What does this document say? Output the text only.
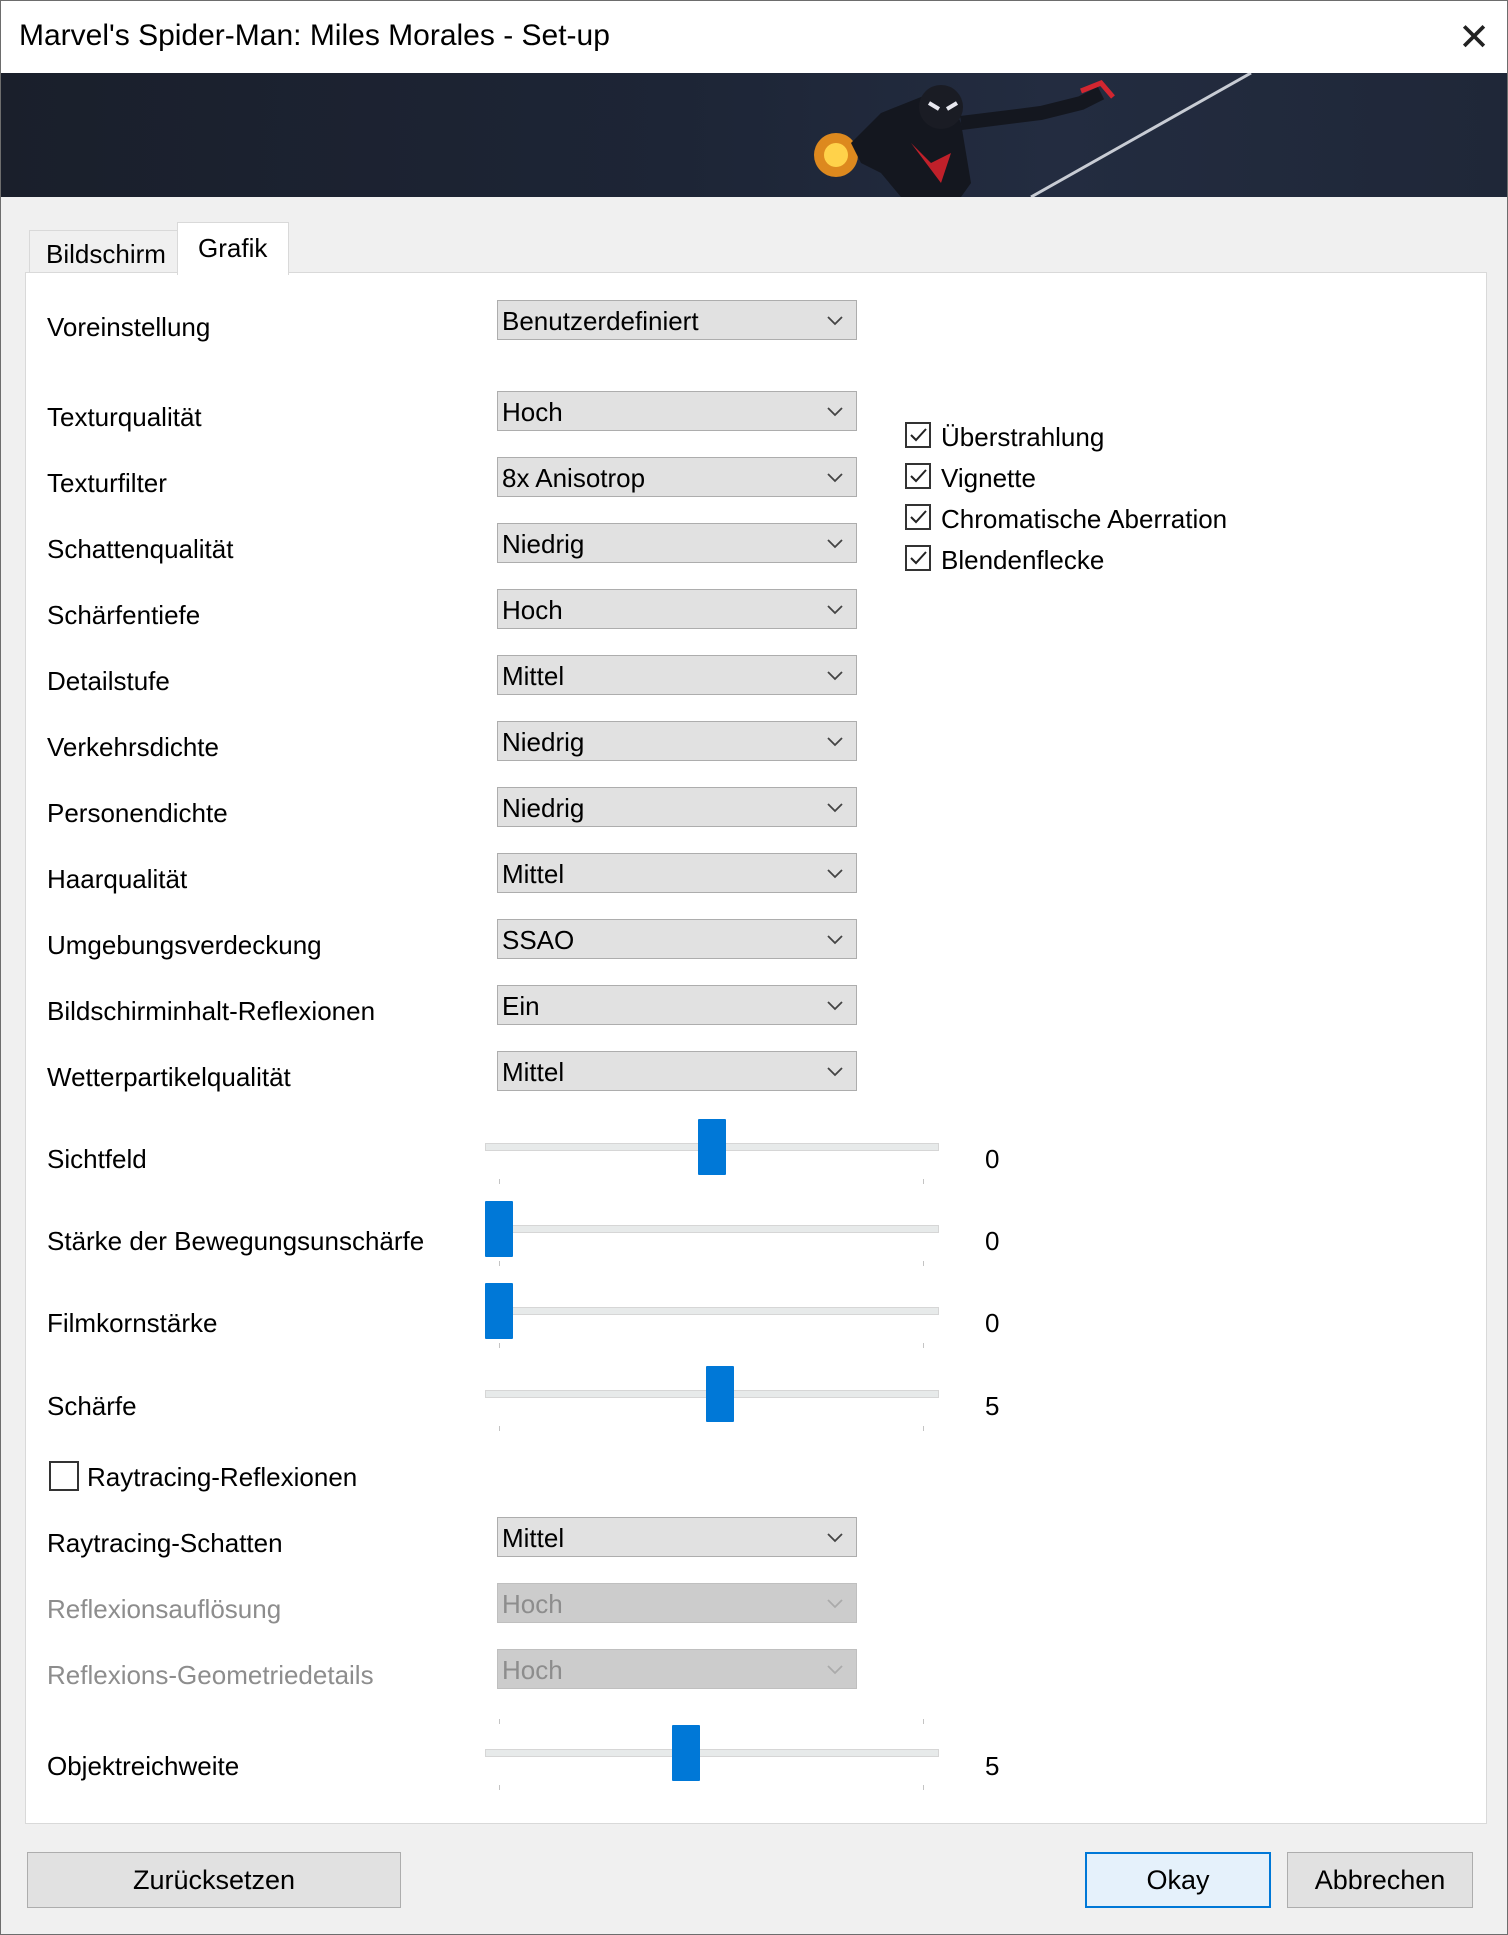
Marvel's Spider-Man: Miles Morales - Set-up	✕
Bildschirm Grafik
Voreinstellung	Benutzerdefiniert
Texturqualität	Hoch
Texturfilter	8x Anisotrop
Schattenqualität	Niedrig
Schärfentiefe	Hoch
Detailstufe	Mittel
Verkehrsdichte	Niedrig
Personendichte	Niedrig
Haarqualität	Mittel
Umgebungsverdeckung	SSAO
Bildschirminhalt-Reflexionen	Ein
Wetterpartikelqualität	Mittel
Überstrahlung
Vignette
Chromatische Aberration
Blendenflecke
Sichtfeld	0
Stärke der Bewegungsunschärfe	0
Filmkornstärke	0
Schärfe	5
Raytracing-Reflexionen
Raytracing-Schatten	Mittel
Reflexionsauflösung	Hoch
Reflexions-Geometriedetails	Hoch
Objektreichweite	5
Zurücksetzen	Okay	Abbrechen
